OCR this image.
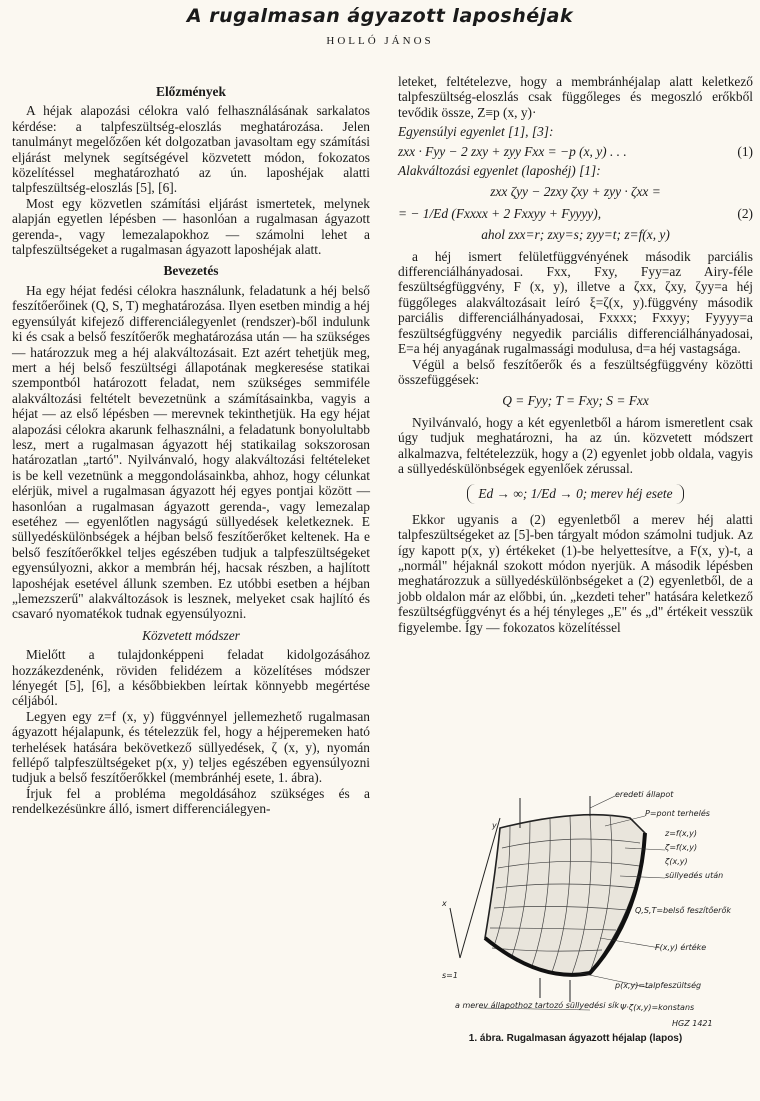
A rugalmasan ágyazott laposhéjak
HOLLÓ JÁNOS
Előzmények

A héjak alapozási célokra való felhasználásának sarkalatos kérdése: a talpfeszültség-eloszlás meghatározása. Jelen tanulmányt megelőzően két dolgozatban javasoltam egy számítási eljárást melynek segítségével közvetett módon, fokozatos közelítéssel meghatározható az ún. laposhéjak alatti talpfeszültség-eloszlás [5], [6].

Most egy közvetlen számítási eljárást ismertetek, melynek alapján egyetlen lépésben — hasonlóan a rugalmasan ágyazott gerenda-, vagy lemezalapokhoz — számolni lehet a talpfeszültségeket a rugalmasan ágyazott laposhéjak alatt.

Bevezetés

Ha egy héjat fedési célokra használunk, feladatunk a héj belső feszítőerőinek (Q, S, T) meghatározása. Ilyen esetben mindig a héj egyensúlyát kifejező differenciálegyenlet (rendszer)-ből indulunk ki és csak a belső feszítőerők meghatározása után — ha szükséges — határozzuk meg a héj alakváltozásait. Ezt azért tehetjük meg, mert a héj belső feszültségi állapotának megkeresése statikai szempontból határozott feladat, nem szükséges semmiféle alakváltozási feltételt bevezetnünk a számításainkba, vagyis a héjat — az első lépésben — merevnek tekinthetjük. Ha egy héjat alapozási célokra akarunk felhasználni, a feladatunk bonyolultabb lesz, mert a rugalmasan ágyazott héj statikailag sokszorosan határozatlan „tartó". Nyilvánvaló, hogy alakváltozási feltételeket is be kell vezetnünk a meggondolásainkba, ahhoz, hogy célunkat elérjük, mivel a rugalmasan ágyazott héj egyes pontjai között — hasonlóan a rugalmasan ágyazott gerenda-, vagy lemezalap esetéhez — egyenlőtlen nagyságú süllyedések keletkeznek. E süllyedéskülönbségek a héjban belső feszítőerőket keltenek. Ha e belső feszítőerőkkel teljes egészében tudjuk a talpfeszültségeket egyensúlyozni, akkor a membrán héj, hacsak részben, a hajlított laposhéjak esetével állunk szemben. Ez utóbbi esetben a héjban „lemezszerű" alakváltozások is lesznek, melyeket csak hajlító és csavaró nyomatékok tudnak egyensúlyozni.

Közvetett módszer

Mielőtt a tulajdonképpeni feladat kidolgozásához hozzákezdenénk, röviden felidézem a közelítéses módszer lényegét [5], [6], a későbbiekben leírtak könnyebb megértése céljából.

Legyen egy z=f (x, y) függvénnyel jellemezhető rugalmasan ágyazott héjalapunk, és tételezzük fel, hogy a héjperemeken ható terhelések hatására bekövetkező süllyedések, ζ (x, y), nyomán fellépő talpfeszültségeket p(x, y) teljes egészében egyensúlyozni tudjuk a belső feszítőerőkkel (membránhéj esete, 1. ábra).

Írjuk fel a probléma megoldásához szükséges és a rendelkezésünkre álló, ismert differenciálegyen-

leteket, feltételezve, hogy a membránhéjalap alatt keletkező talpfeszültség-eloszlás csak függőleges és megoszló erőkből tevődik össze, Z≡p (x, y)·

Egyensúlyi egyenlet [1], [3]:
zxx · Fyy − 2 zxy + zyy Fxx = −p (x, y) . . .	(1)
Alakváltozási egyenlet (laposhéj) [1]:
zxx ζyy − 2zxy ζxy + zyy · ζxx =
= − 1/Ed (Fxxxx + 2 Fxxyy + Fyyyy),	(2)
ahol zxx=r; zxy=s; zyy=t; z=f(x, y)

a héj ismert felületfüggvényének második parciális differenciálhányadosai. Fxx, Fxy, Fyy=az Airy-féle feszültségfüggvény, F (x, y), illetve a ζxx, ζxy, ζyy=a héj függőleges alakváltozásait leíró ξ=ζ(x, y).függvény második parciális differenciálhányadosai, Fxxxx; Fxxyy; Fyyyy=a feszültségfüggvény negyedik parciális differenciálhányadosai, E=a héj anyagának rugalmassági modulusa, d=a héj vastagsága.

Végül a belső feszítőerők és a feszültségfüggvény közötti összefüggések:

Q = Fyy; T = Fxy; S = Fxx

Nyilvánvaló, hogy a két egyenletből a három ismeretlent csak úgy tudjuk meghatározni, ha az ún. közvetett módszert alkalmazva, feltételezzük, hogy a (2) egyenlet jobb oldala, vagyis a süllyedéskülönbségek egyenlőek zérussal.

Ed → ∞; 1/Ed → 0; merev héj esete

Ekkor ugyanis a (2) egyenletből a merev héj alatti talpfeszültségeket az [5]-ben tárgyalt módon számolni tudjuk. Az így kapott p(x, y) értékeket (1)-be helyettesítve, a F(x, y)-t, a „normál" héjaknál szokott módon nyerjük. A második lépésben meghatározzuk a süllyedéskülönbségeket a (2) egyenletből, de a jobb oldalon már az előbbi, ún. „kezdeti teher" hatására keletkező feszültségfüggvényt és a héj tényleges „E" és „d" értékeit vesszük figyelembe. Így — fokozatos közelítéssel

eredeti állapot
P=pont terhelés
z=f(x,y)
ζ=f(x,y)
ζ(x,y)
süllyedés után
Q,S,T=belső feszítőerők
F(x,y) értéke
p(x,y)=talpfeszültség
a merev állapothoz tartozó süllyedési sík Ψ·ζ(x,y)=konstans
y
x
s=1
HGZ 1421
1. ábra. Rugalmasan ágyazott héjalap (lapos)
